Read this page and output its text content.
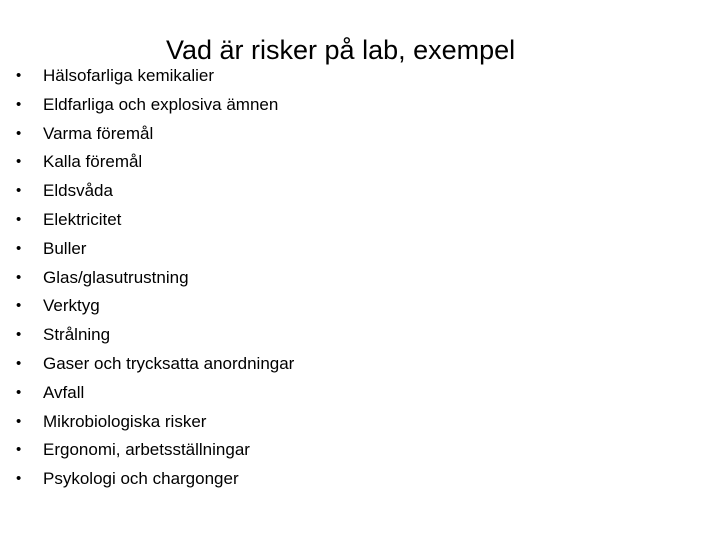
Vad är risker på lab, exempel
•	Hälsofarliga kemikalier
•	Eldfarliga och explosiva ämnen
•	Varma föremål
•	Kalla föremål
•	Eldsvåda
•	Elektricitet
•	Buller
•	Glas/glasutrustning
•	Verktyg
•	Strålning
•	Gaser och trycksatta anordningar
•	Avfall
•	Mikrobiologiska risker
•	Ergonomi, arbetsställningar
•	Psykologi och chargonger
